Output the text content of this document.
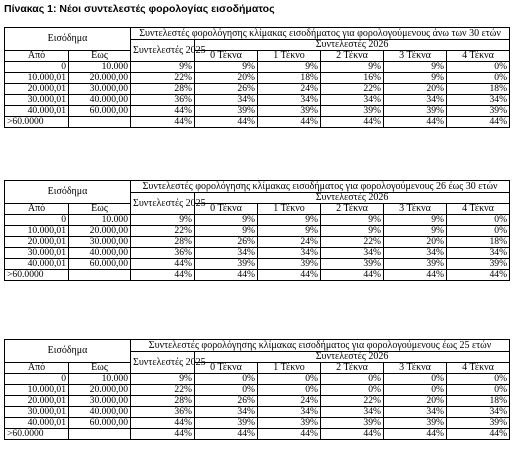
Πίνακας 1: Νέοι συντελεστές φορολογίας εισοδήματος
Εισόδημα		Συντελεστές φορολόγησης κλίμακας εισοδήματος για φορολογούμενους άνω των 30 ετών					
		Συντελεστές 2025	Συντελεστές 2026				
Από	Εως		0 Τέκνα	1 Τέκνο	2 Τέκνα	3 Τέκνα	4 Τέκνα
0	10.000	9%	9%	9%	9%	9%	0%
10.000,01	20.000,00	22%	20%	18%	16%	9%	0%
20.000,01	30.000,00	28%	26%	24%	22%	20%	18%
30.000,01	40.000,00	36%	34%	34%	34%	34%	34%
40.000,01	60.000,00	44%	39%	39%	39%	39%	39%
>60.0000		44%	44%	44%	44%	44%	44%
Εισόδημα		Συντελεστές φορολόγησης κλίμακας εισοδήματος για φορολογούμενους 26 έως 30 ετών					
		Συντελεστές 2025	Συντελεστές 2026				
Από	Εως		0 Τέκνα	1 Τέκνο	2 Τέκνα	3 Τέκνα	4 Τέκνα
0	10.000	9%	9%	9%	9%	9%	0%
10.000,01	20.000,00	22%	9%	9%	9%	9%	0%
20.000,01	30.000,00	28%	26%	24%	22%	20%	18%
30.000,01	40.000,00	36%	34%	34%	34%	34%	34%
40.000,01	60.000,00	44%	39%	39%	39%	39%	39%
>60.0000		44%	44%	44%	44%	44%	44%
Εισόδημα		Συντελεστές φορολόγησης κλίμακας εισοδήματος για φορολογούμενους έως 25 ετών					
		Συντελεστές 2025	Συντελεστές 2026				
Από	Εως		0 Τέκνα	1 Τέκνο	2 Τέκνα	3 Τέκνα	4 Τέκνα
0	10.000	9%	0%	0%	0%	0%	0%
10.000,01	20.000,00	22%	0%	0%	0%	0%	0%
20.000,01	30.000,00	28%	26%	24%	22%	20%	18%
30.000,01	40.000,00	36%	34%	34%	34%	34%	34%
40.000,01	60.000,00	44%	39%	39%	39%	39%	39%
>60.0000		44%	44%	44%	44%	44%	44%
